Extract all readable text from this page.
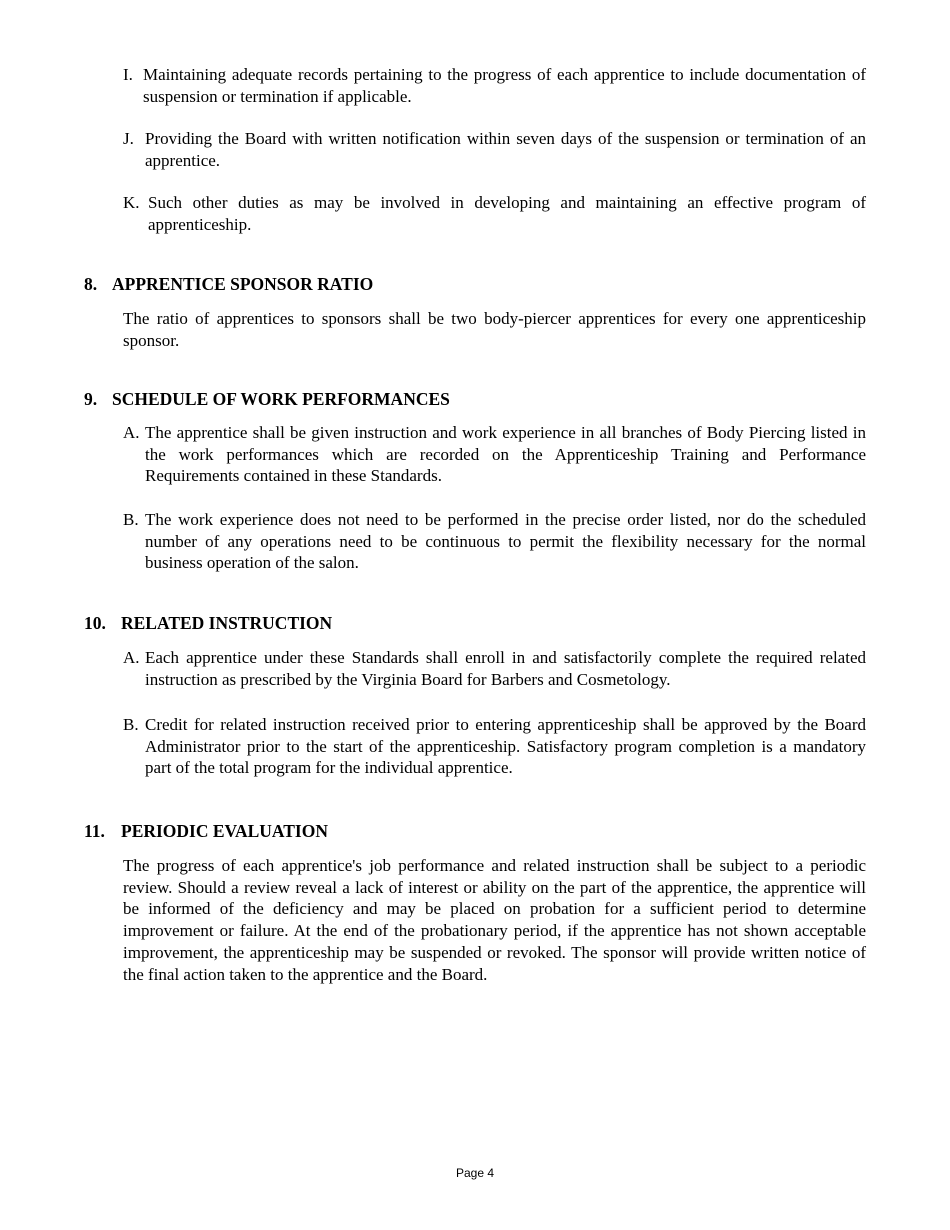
I. Maintaining adequate records pertaining to the progress of each apprentice to include documentation of suspension or termination if applicable.

J. Providing the Board with written notification within seven days of the suspension or termination of an apprentice.

K. Such other duties as may be involved in developing and maintaining an effective program of apprenticeship.

8. APPRENTICE SPONSOR RATIO

The ratio of apprentices to sponsors shall be two body-piercer apprentices for every one apprenticeship sponsor.

9. SCHEDULE OF WORK PERFORMANCES
A. The apprentice shall be given instruction and work experience in all branches of Body Piercing listed in the work performances which are recorded on the Apprenticeship Training and Performance Requirements contained in these Standards.

B. The work experience does not need to be performed in the precise order listed, nor do the scheduled number of any operations need to be continuous to permit the flexibility necessary for the normal business operation of the salon.

10. RELATED INSTRUCTION
A. Each apprentice under these Standards shall enroll in and satisfactorily complete the required related instruction as prescribed by the Virginia Board for Barbers and Cosmetology.

B. Credit for related instruction received prior to entering apprenticeship shall be approved by the Board Administrator prior to the start of the apprenticeship. Satisfactory program completion is a mandatory part of the total program for the individual apprentice.

11. PERIODIC EVALUATION

The progress of each apprentice's job performance and related instruction shall be subject to a periodic review. Should a review reveal a lack of interest or ability on the part of the apprentice, the apprentice will be informed of the deficiency and may be placed on probation for a sufficient period to determine improvement or failure. At the end of the probationary period, if the apprentice has not shown acceptable improvement, the apprenticeship may be suspended or revoked. The sponsor will provide written notice of the final action taken to the apprentice and the Board.

Page 4
